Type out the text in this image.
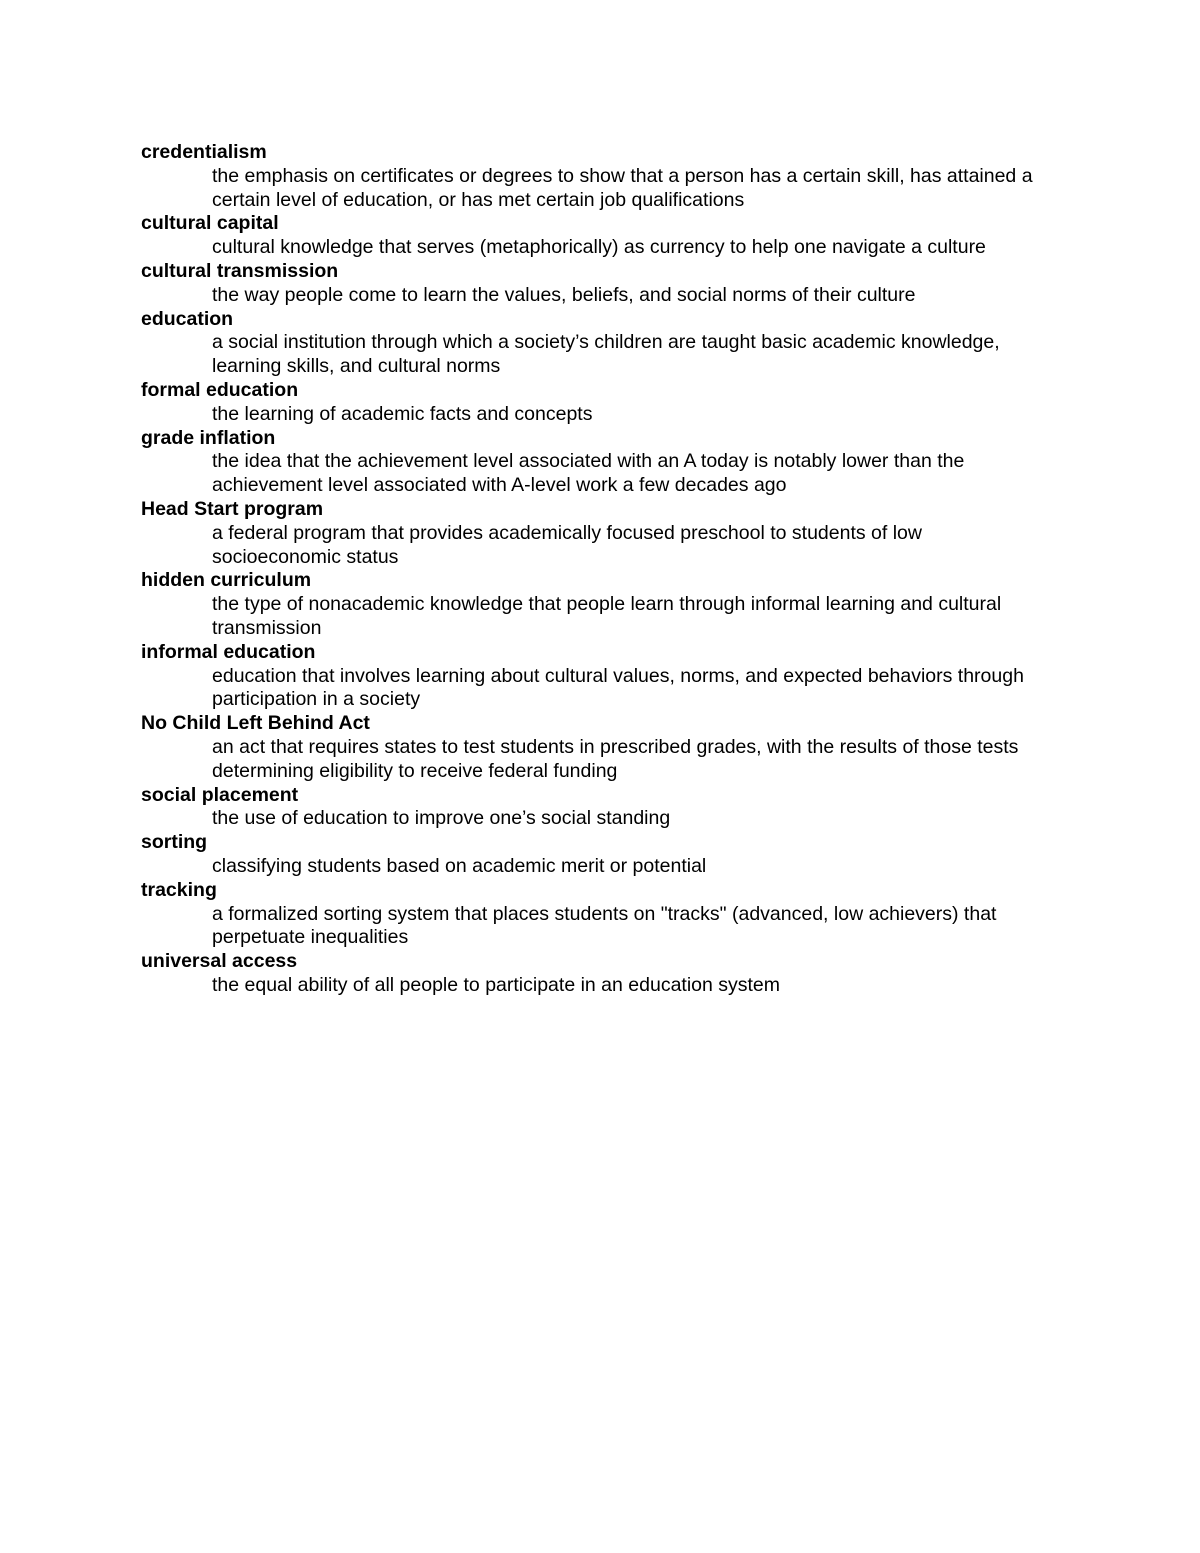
credentialism
the emphasis on certificates or degrees to show that a person has a certain skill, has attained a certain level of education, or has met certain job qualifications
cultural capital
cultural knowledge that serves (metaphorically) as currency to help one navigate a culture
cultural transmission
the way people come to learn the values, beliefs, and social norms of their culture
education
a social institution through which a society’s children are taught basic academic knowledge, learning skills, and cultural norms
formal education
the learning of academic facts and concepts
grade inflation
the idea that the achievement level associated with an A today is notably lower than the achievement level associated with A-level work a few decades ago
Head Start program
a federal program that provides academically focused preschool to students of low socioeconomic status
hidden curriculum
the type of nonacademic knowledge that people learn through informal learning and cultural transmission
informal education
education that involves learning about cultural values, norms, and expected behaviors through participation in a society
No Child Left Behind Act
an act that requires states to test students in prescribed grades, with the results of those tests determining eligibility to receive federal funding
social placement
the use of education to improve one’s social standing
sorting
classifying students based on academic merit or potential
tracking
a formalized sorting system that places students on "tracks" (advanced, low achievers) that perpetuate inequalities
universal access
the equal ability of all people to participate in an education system
